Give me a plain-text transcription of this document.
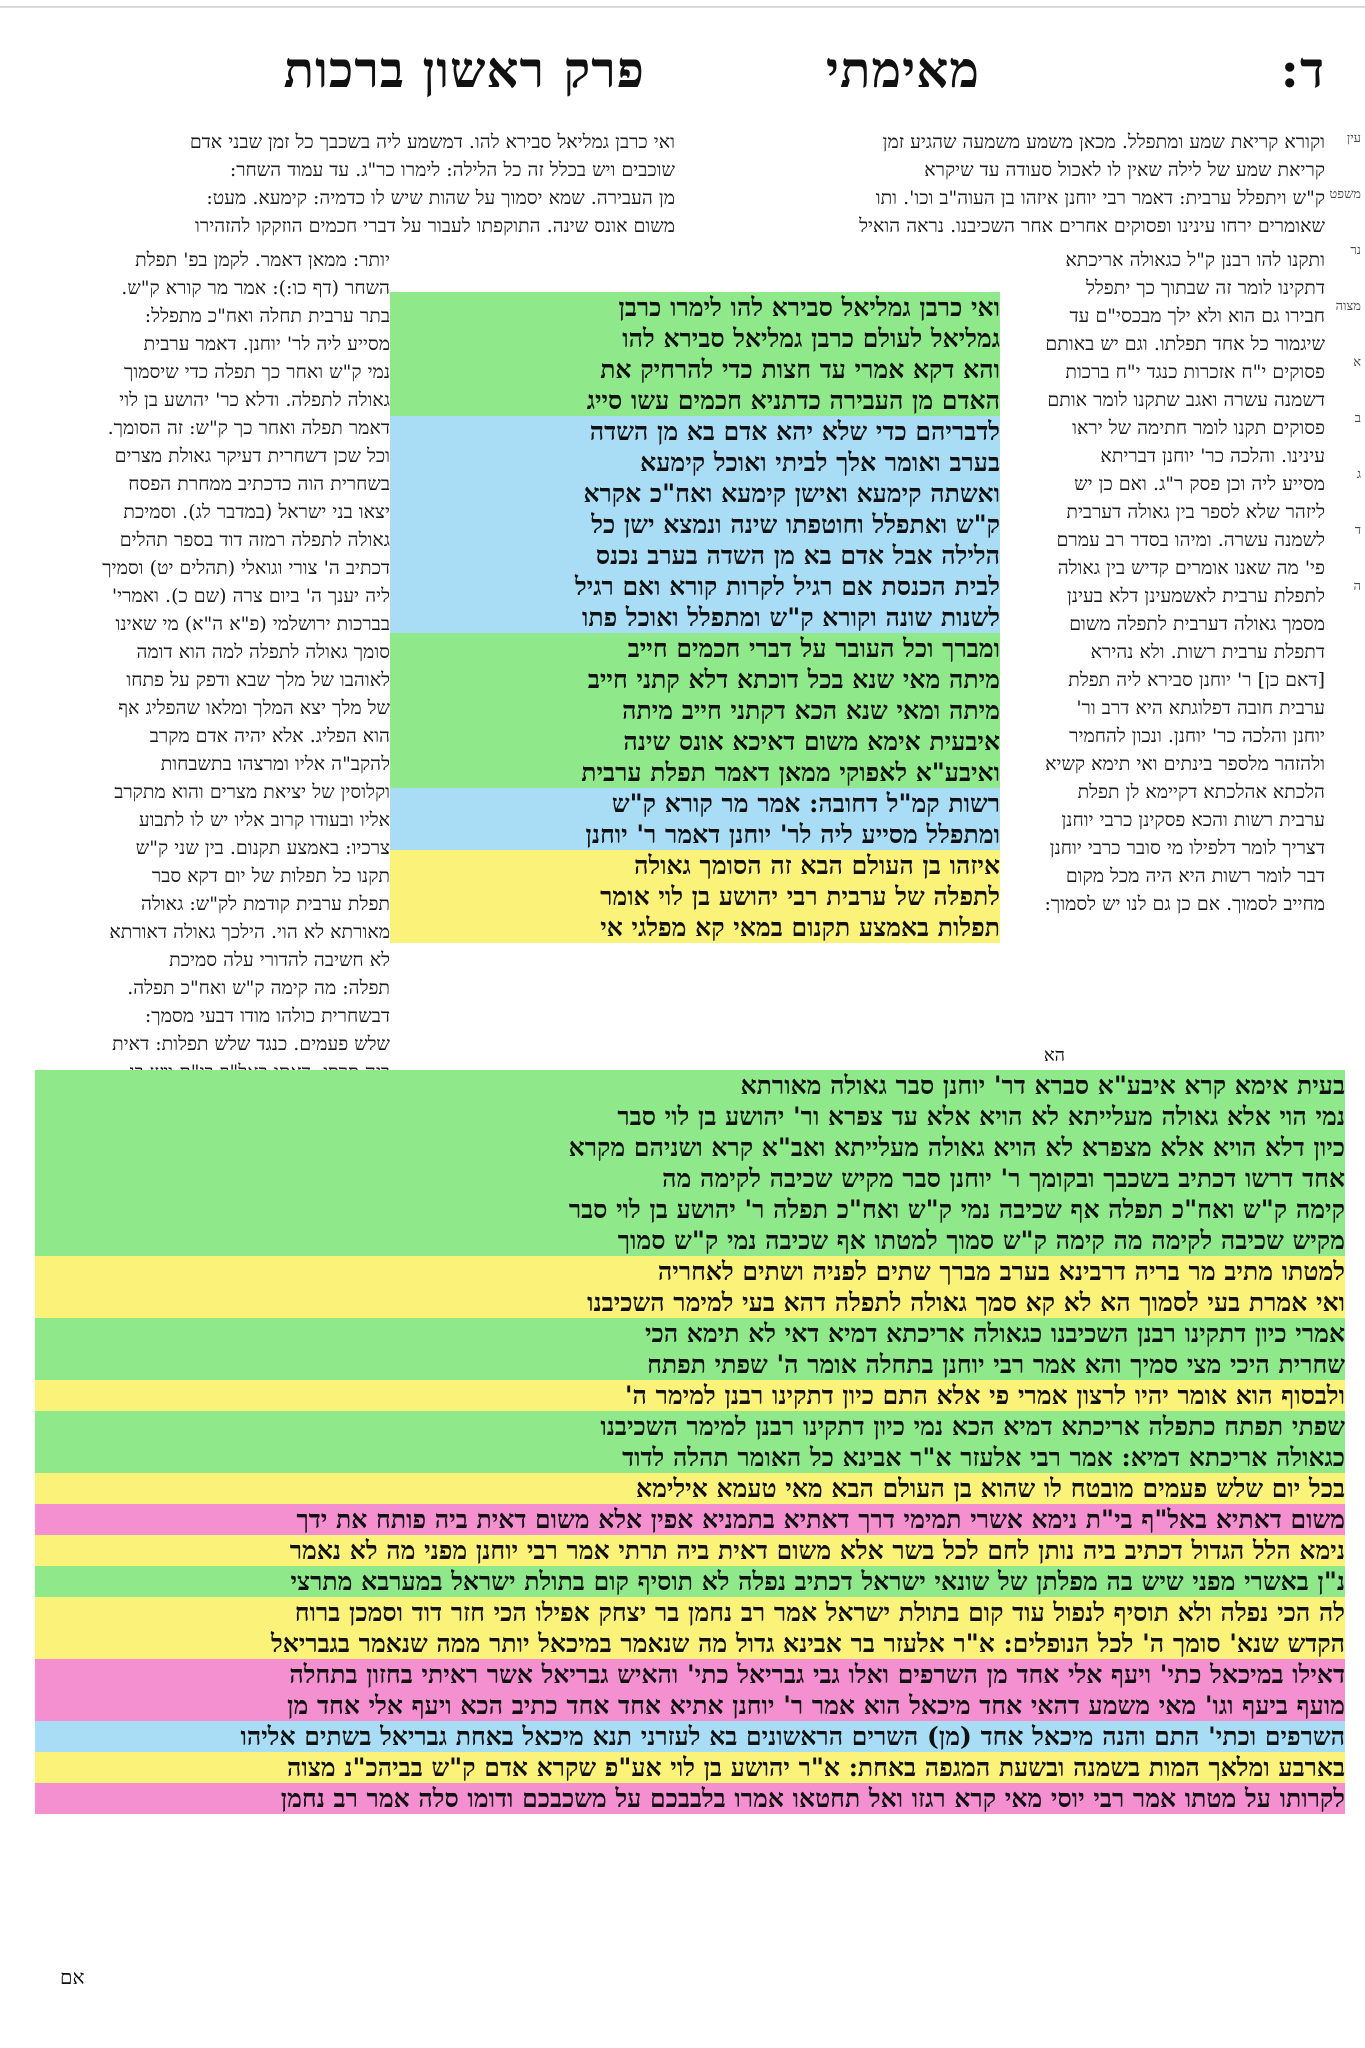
ד:
מאימתי
פרק ראשון
ברכות
עין
משפט
נר
מצוה
א
ב
ג
ד
ה
וקורא קריאת שמע ומתפלל. מכאן משמע משמעה שהגיע זמן
קריאת שמע של לילה שאין לו לאכול סעודה עד שיקרא
ק"ש ויתפלל ערבית: דאמר רבי יוחנן איזהו בן העוה"ב וכו'. ותו
שאומרים ירחו עינינו ופסוקים אחרים אחר השכיבנו. נראה הואיל
ואי כרבן גמליאל סבירא להו. דמשמע ליה בשכבך כל זמן שבני אדם
שוכבים ויש בכלל זה כל הלילה: לימרו כר"ג. עד עמוד השחר:
מן העבירה. שמא יסמוך על שהות שיש לו כדמיה: קימעא. מעט:
משום אונס שינה. התוקפתו לעבור על דברי חכמים הוזקקו להזהירו
ותקנו להו רבנן ק"ל כגאולה אריכתא
דתקינו לומר זה שבתוך כך יתפלל
חבירו גם הוא ולא ילך מבכסי"ם עד
שיגמור כל אחד תפלתו. וגם יש באותם
פסוקים י"ח אזכרות כנגד י"ח ברכות
דשמנה עשרה ואגב שתקנו לומר אותם
פסוקים תקנו לומר חתימה של יראו
עינינו. והלכה כר' יוחנן דבריתא
מסייע ליה וכן פסק ר"ג. ואם כן יש
ליזהר שלא לספר בין גאולה דערבית
לשמנה עשרה. ומיהו בסדר רב עמרם
פי' מה שאנו אומרים קדיש בין גאולה
לתפלת ערבית לאשמעינן דלא בעינן
מסמך גאולה דערבית לתפלה משום
דתפלת ערבית רשות. ולא נהירא
[דאם כן] ר' יוחנן סבירא ליה תפלת
ערבית חובה דפלוגתא היא דרב ור'
יוחנן והלכה כר' יוחנן. ונכון להחמיר
ולהזהר מלספר בינתים ואי תימא קשיא
הלכתא אהלכתא דקיימא לן תפלת
ערבית רשות והכא פסקינן כרבי יוחנן
דצריך לומר דלפילו מי סובר כרבי יוחנן
דבר לומר רשות היא היה מכל מקום
מחייב לסמוך. אם כן גם לנו יש לסמוך:
יותר: ממאן דאמר. לקמן בפ' תפלת
השחר (דף כו:): אמר מר קורא ק"ש.
בתר ערבית תחלה ואח"כ מתפלל:
מסייע ליה לר' יוחנן. דאמר ערבית
נמי ק"ש ואחר כך תפלה כדי שיסמוך
גאולה לתפלה. ודלא כר' יהושע בן לוי
דאמר תפלה ואחר כך ק"ש: זה הסומך.
וכל שכן דשחרית דעיקר גאולת מצרים
בשחרית הוה כדכתיב ממחרת הפסח
יצאו בני ישראל (במדבר לג). וסמיכת
גאולה לתפלה רמזה דוד בספר תהלים
דכתיב ה' צורי וגואלי (תהלים יט) וסמיך
ליה יענך ה' ביום צרה (שם כ). ואמרי'
בברכות ירושלמי (פ"א ה"א) מי שאינו
סומך גאולה לתפלה למה הוא דומה
לאוהבו של מלך שבא ודפק על פתחו
של מלך יצא המלך ומלאו שהפליג אף
הוא הפליג. אלא יהיה אדם מקרב
להקב"ה אליו ומרצהו בתשבחות
וקלוסין של יציאת מצרים והוא מתקרב
אליו ובעודו קרוב אליו יש לו לתבוע
צרכיו: באמצע תקנום. בין שני ק"ש
תקנו כל תפלות של יום דקא סבר
תפלת ערבית קודמת לק"ש: גאולה
מאורתא לא הוי. הילכך גאולה דאורתא
לא חשיבה להדורי עלה סמיכת
תפלה: מה קימה ק"ש ואח"כ תפלה.
דבשחרית כולהו מודו דבעי מסמך:
שלש פעמים. כנגד שלש תפלות: דאית
ואי כרבן גמליאל סבירא להו לימרו כרבן
גמליאל לעולם כרבן גמליאל סבירא להו
והא דקא אמרי עד חצות כדי להרחיק את
האדם מן העבירה כדתניא חכמים עשו סייג
לדבריהם כדי שלא יהא אדם בא מן השדה
בערב ואומר אלך לביתי ואוכל קימעא
ואשתה קימעא ואישן קימעא ואח"כ אקרא
ק"ש ואתפלל וחוטפתו שינה ונמצא ישן כל
הלילה אבל אדם בא מן השדה בערב נכנס
לבית הכנסת אם רגיל לקרות קורא ואם רגיל
לשנות שונה וקורא ק"ש ומתפלל ואוכל פתו
ומברך וכל העובר על דברי חכמים חייב
מיתה מאי שנא בכל דוכתא דלא קתני חייב
מיתה ומאי שנא הכא דקתני חייב מיתה
איבעית אימא משום דאיכא אונס שינה
ואיבע"א לאפוקי ממאן דאמר תפלת ערבית
רשות קמ"ל דחובה: אמר מר קורא ק"ש
ומתפלל מסייע ליה לר' יוחנן דאמר ר' יוחנן
איזהו בן העולם הבא זה הסומך גאולה
לתפלה של ערבית רבי יהושע בן לוי אומר
תפלות באמצע תקנום במאי קא מפלגי אי
הא
בעית אימא קרא איבע"א סברא דר' יוחנן סבר גאולה מאורתא
נמי הוי אלא גאולה מעלייתא לא הויא אלא עד צפרא ור' יהושע בן לוי סבר
כיון דלא הויא אלא מצפרא לא הויא גאולה מעלייתא ואב"א קרא ושניהם מקרא
אחד דרשו דכתיב בשכבך ובקומך ר' יוחנן סבר מקיש שכיבה לקימה מה
קימה ק"ש ואח"כ תפלה אף שכיבה נמי ק"ש ואח"כ תפלה ר' יהושע בן לוי סבר
מקיש שכיבה לקימה מה קימה ק"ש סמוך למטתו אף שכיבה נמי ק"ש סמוך
למטתו מתיב מר בריה דרבינא בערב מברך שתים לפניה ושתים לאחריה
ואי אמרת בעי לסמוך הא לא קא סמך גאולה לתפלה דהא בעי למימר השכיבנו
אמרי כיון דתקינו רבנן השכיבנו כגאולה אריכתא דמיא דאי לא תימא הכי
שחרית היכי מצי סמיך והא אמר רבי יוחנן בתחלה אומר ה' שפתי תפתח
ולבסוף הוא אומר יהיו לרצון אמרי פי אלא התם כיון דתקינו רבנן למימר ה'
שפתי תפתח כתפלה אריכתא דמיא הכא נמי כיון דתקינו רבנן למימר השכיבנו
כגאולה אריכתא דמיא: אמר רבי אלעזר א"ר אבינא כל האומר תהלה לדוד
בכל יום שלש פעמים מובטח לו שהוא בן העולם הבא מאי טעמא אילימא
משום דאתיא באל"ף בי"ת נימא אשרי תמימי דרך דאתיא בתמניא אפין אלא משום דאית ביה פותח את ידך
נימא הלל הגדול דכתיב ביה נותן לחם לכל בשר אלא משום דאית ביה תרתי אמר רבי יוחנן מפני מה לא נאמר
נ"ן באשרי מפני שיש בה מפלתן של שונאי ישראל דכתיב נפלה לא תוסיף קום בתולת ישראל במערבא מתרצי
לה הכי נפלה ולא תוסיף לנפול עוד קום בתולת ישראל אמר רב נחמן בר יצחק אפילו הכי חזר דוד וסמכן ברוח
הקדש שנא' סומך ה' לכל הנופלים: א"ר אלעזר בר אבינא גדול מה שנאמר במיכאל יותר ממה שנאמר בגבריאל
דאילו במיכאל כתי' ויעף אלי אחד מן השרפים ואלו גבי גבריאל כתי' והאיש גבריאל אשר ראיתי בחזון בתחלה
מועף ביעף וגו' מאי משמע דהאי אחד מיכאל הוא אמר ר' יוחנן אתיא אחד אחד כתיב הכא ויעף אלי אחד מן
השרפים וכתי' התם והנה מיכאל אחד (מן) השרים הראשונים בא לעזרני תנא מיכאל באחת גבריאל בשתים אליהו
בארבע ומלאך המות בשמנה ובשעת המגפה באחת: א"ר יהושע בן לוי אע"פ שקרא אדם ק"ש בביהכ"נ מצוה
לקרותו על מטתו אמר רבי יוסי מאי קרא רגזו ואל תחטאו אמרו בלבבכם על משכבכם ודומו סלה אמר רב נחמן
אם
